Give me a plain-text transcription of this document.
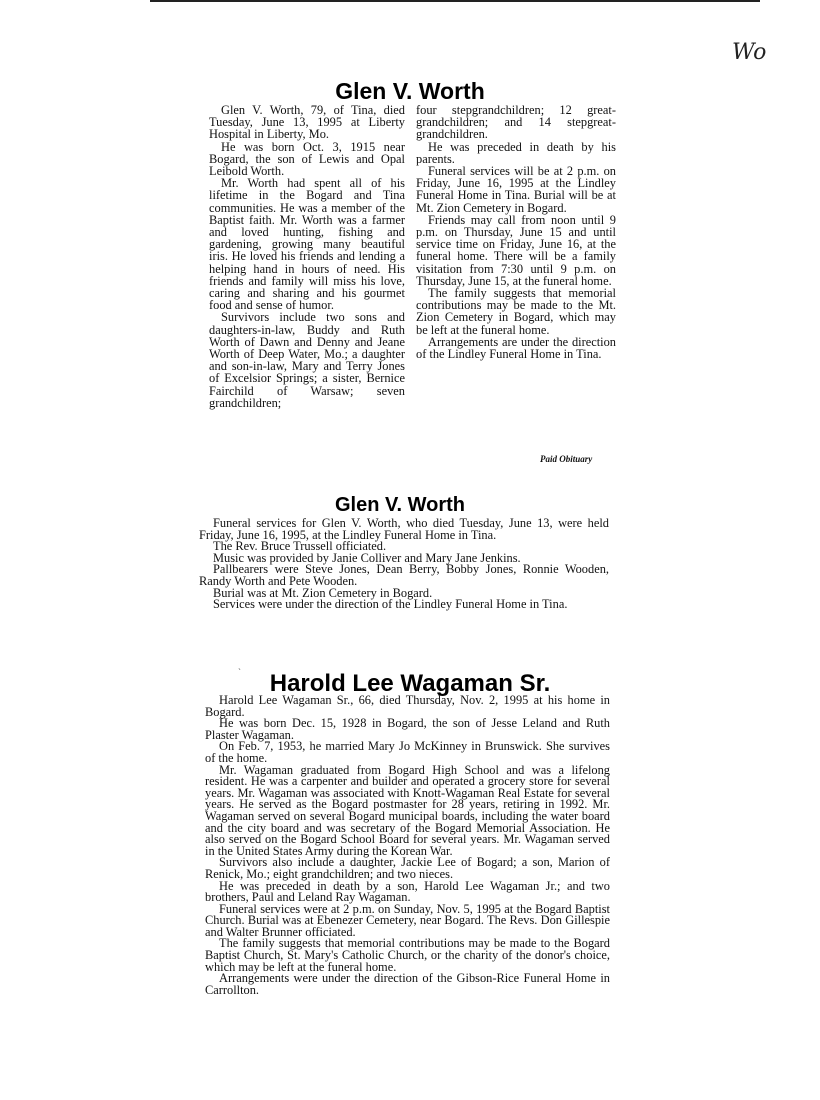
Wo
Glen V. Worth

Glen V. Worth, 79, of Tina, died Tuesday, June 13, 1995 at Liberty Hospital in Liberty, Mo.

He was born Oct. 3, 1915 near Bogard, the son of Lewis and Opal Leibold Worth.

Mr. Worth had spent all of his lifetime in the Bogard and Tina communities. He was a member of the Baptist faith. Mr. Worth was a farmer and loved hunting, fishing and gardening, growing many beautiful iris. He loved his friends and lending a helping hand in hours of need. His friends and family will miss his love, caring and sharing and his gourmet food and sense of humor.

Survivors include two sons and daughters-in-law, Buddy and Ruth Worth of Dawn and Denny and Jeane Worth of Deep Water, Mo.; a daughter and son-in-law, Mary and Terry Jones of Excelsior Springs; a sister, Bernice Fairchild of Warsaw; seven grandchildren;

four stepgrandchildren; 12 great-grandchildren; and 14 stepgreat-grandchildren.

He was preceded in death by his parents.

Funeral services will be at 2 p.m. on Friday, June 16, 1995 at the Lindley Funeral Home in Tina. Burial will be at Mt. Zion Cemetery in Bogard.

Friends may call from noon until 9 p.m. on Thursday, June 15 and until service time on Friday, June 16, at the funeral home. There will be a family visitation from 7:30 until 9 p.m. on Thursday, June 15, at the funeral home.

The family suggests that memorial contributions may be made to the Mt. Zion Cemetery in Bogard, which may be left at the funeral home.

Arrangements are under the direction of the Lindley Funeral Home in Tina.

Paid Obituary
Glen V. Worth

Funeral services for Glen V. Worth, who died Tuesday, June 13, were held Friday, June 16, 1995, at the Lindley Funeral Home in Tina.

The Rev. Bruce Trussell officiated.

Music was provided by Janie Colliver and Mary Jane Jenkins.

Pallbearers were Steve Jones, Dean Berry, Bobby Jones, Ronnie Wooden, Randy Worth and Pete Wooden.

Burial was at Mt. Zion Cemetery in Bogard.

Services were under the direction of the Lindley Funeral Home in Tina.

`	Harold Lee Wagaman Sr.

Harold Lee Wagaman Sr., 66, died Thursday, Nov. 2, 1995 at his home in Bogard.

He was born Dec. 15, 1928 in Bogard, the son of Jesse Leland and Ruth Plaster Wagaman.

On Feb. 7, 1953, he married Mary Jo McKinney in Brunswick. She survives of the home.

Mr. Wagaman graduated from Bogard High School and was a lifelong resident. He was a carpenter and builder and operated a grocery store for several years. Mr. Wagaman was associated with Knott-Wagaman Real Estate for several years. He served as the Bogard postmaster for 28 years, retiring in 1992. Mr. Wagaman served on several Bogard municipal boards, including the water board and the city board and was secretary of the Bogard Memorial Association. He also served on the Bogard School Board for several years. Mr. Wagaman served in the United States Army during the Korean War.

Survivors also include a daughter, Jackie Lee of Bogard; a son, Marion of Renick, Mo.; eight grandchildren; and two nieces.

He was preceded in death by a son, Harold Lee Wagaman Jr.; and two brothers, Paul and Leland Ray Wagaman.

Funeral services were at 2 p.m. on Sunday, Nov. 5, 1995 at the Bogard Baptist Church. Burial was at Ebenezer Cemetery, near Bogard. The Revs. Don Gillespie and Walter Brunner officiated.

The family suggests that memorial contributions may be made to the Bogard Baptist Church, St. Mary's Catholic Church, or the charity of the donor's choice, which may be left at the funeral home.

Arrangements were under the direction of the Gibson-Rice Funeral Home in Carrollton.
